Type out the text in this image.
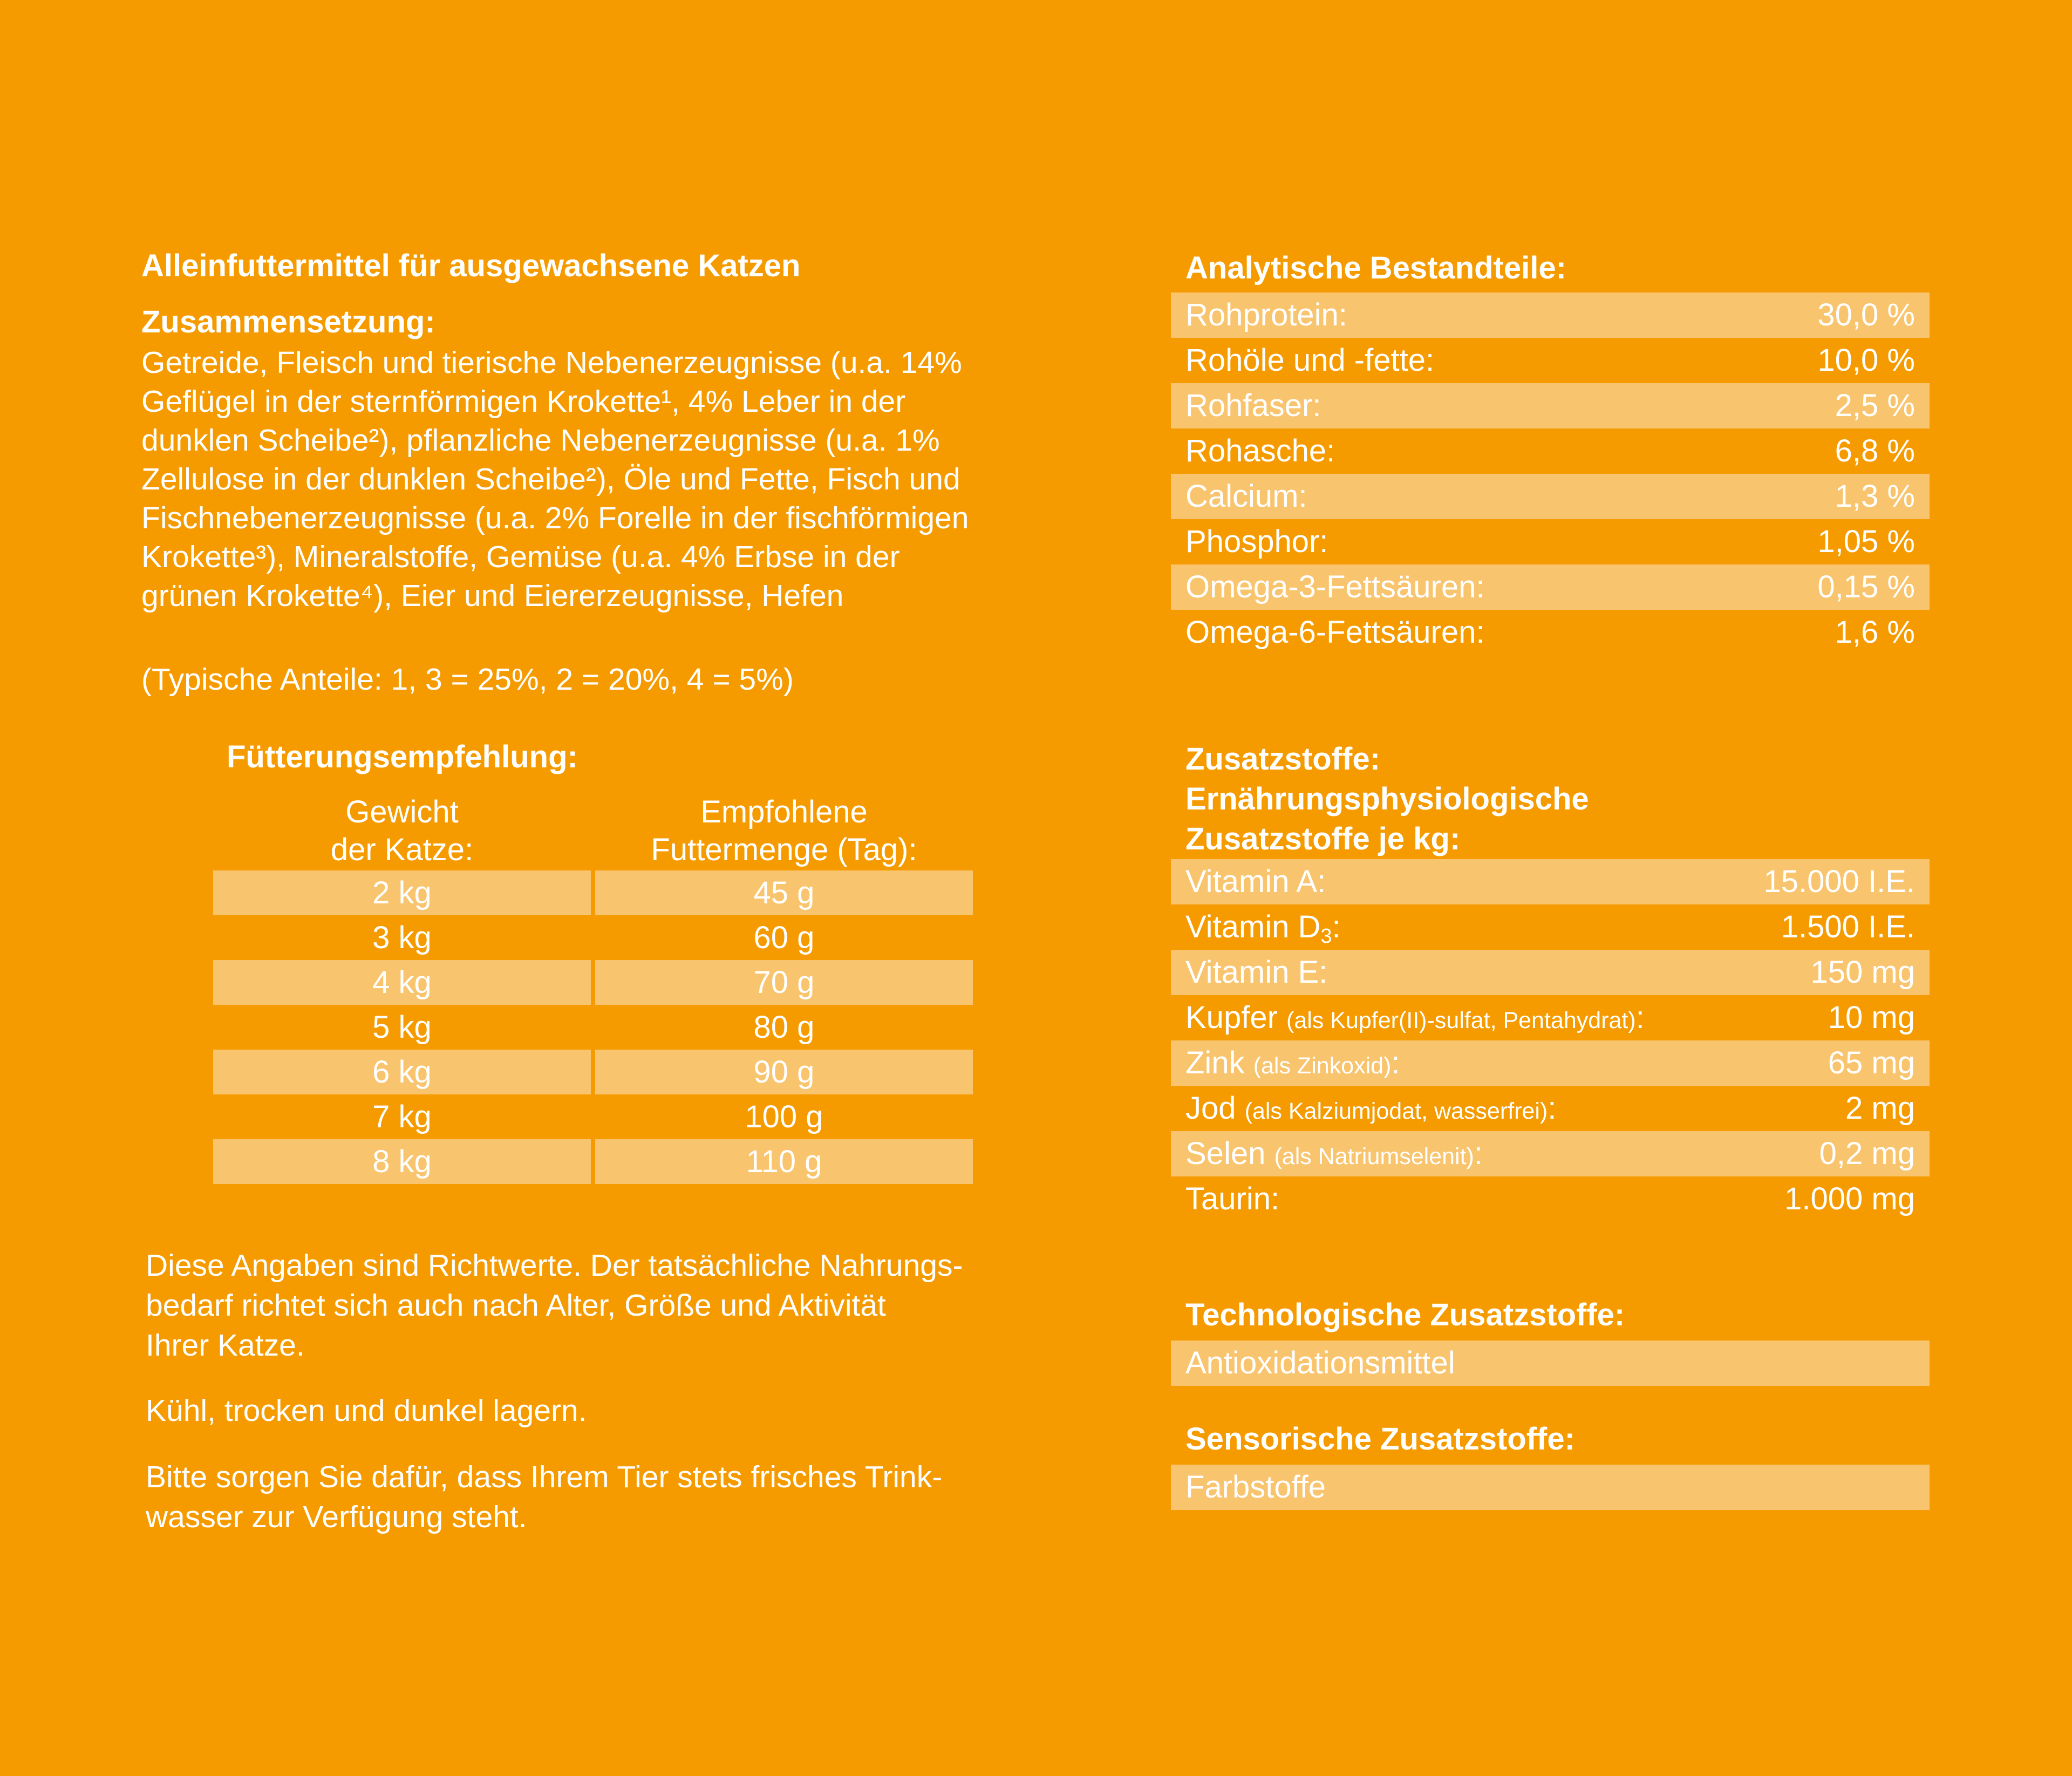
Alleinfuttermittel für ausgewachsene Katzen
Zusammensetzung:
Getreide, Fleisch und tierische Nebenerzeugnisse (u.a. 14%
Geflügel in der sternförmigen Krokette¹, 4% Leber in der
dunklen Scheibe²), pflanzliche Nebenerzeugnisse (u.a. 1%
Zellulose in der dunklen Scheibe²), Öle und Fette, Fisch und
Fischnebenerzeugnisse (u.a. 2% Forelle in der fischförmigen
Krokette³), Mineralstoffe, Gemüse (u.a. 4% Erbse in der
grünen Krokette⁴), Eier und Eiererzeugnisse, Hefen
(Typische Anteile: 1, 3 = 25%, 2 = 20%, 4 = 5%)
Fütterungsempfehlung:
Gewicht
der Katze:
Empfohlene
Futtermenge (Tag):
2 kg	45 g
3 kg	60 g
4 kg	70 g
5 kg	80 g
6 kg	90 g
7 kg	100 g
8 kg	110 g
Diese Angaben sind Richtwerte. Der tatsächliche Nahrungs-
bedarf richtet sich auch nach Alter, Größe und Aktivität
Ihrer Katze.
Kühl, trocken und dunkel lagern.
Bitte sorgen Sie dafür, dass Ihrem Tier stets frisches Trink-
wasser zur Verfügung steht.
Analytische Bestandteile:
Rohprotein:	30,0 %
Rohöle und -fette:	10,0 %
Rohfaser:	2,5 %
Rohasche:	6,8 %
Calcium:	1,3 %
Phosphor:	1,05 %
Omega-3-Fettsäuren:	0,15 %
Omega-6-Fettsäuren:	1,6 %
Zusatzstoffe:
Ernährungsphysiologische
Zusatzstoffe je kg:
Vitamin A:	15.000 I.E.
Vitamin $D_3$:	1.500 I.E.
Vitamin E:	150 mg
Kupfer (als Kupfer(II)-sulfat, Pentahydrat):	10 mg
Zink (als Zinkoxid):	65 mg
Jod (als Kalziumjodat, wasserfrei):	2 mg
Selen (als Natriumselenit):	0,2 mg
Taurin:	1.000 mg
Technologische Zusatzstoffe:
Antioxidationsmittel
Sensorische Zusatzstoffe:
Farbstoffe
